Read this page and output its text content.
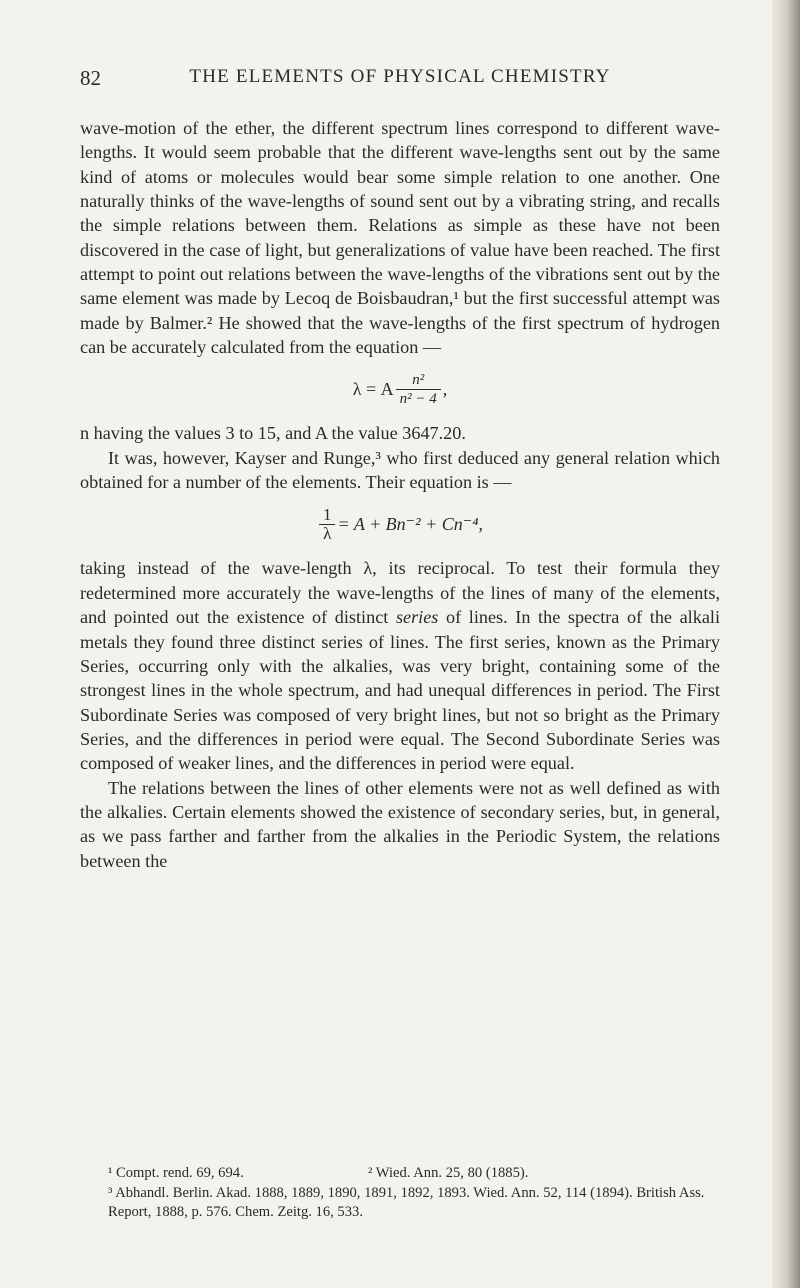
82	THE ELEMENTS OF PHYSICAL CHEMISTRY

wave-motion of the ether, the different spectrum lines correspond to different wave-lengths. It would seem probable that the different wave-lengths sent out by the same kind of atoms or molecules would bear some simple relation to one another. One naturally thinks of the wave-lengths of sound sent out by a vibrating string, and recalls the simple relations between them. Relations as simple as these have not been discovered in the case of light, but generalizations of value have been reached. The first attempt to point out relations between the wave-lengths of the vibrations sent out by the same element was made by Lecoq de Boisbaudran,¹ but the first successful attempt was made by Balmer.² He showed that the wave-lengths of the first spectrum of hydrogen can be accurately calculated from the equation —

λ = A $\frac{\text{n²}}{\text{n² − 4}}$ ,

n having the values 3 to 15, and A the value 3647.20.

It was, however, Kayser and Runge,³ who first deduced any general relation which obtained for a number of the elements. Their equation is —

$\frac{1}{\lambda} = A + Bn^{-2} + Cn^{-4}$,

taking instead of the wave-length λ, its reciprocal. To test their formula they redetermined more accurately the wave-lengths of the lines of many of the elements, and pointed out the existence of distinct series of lines. In the spectra of the alkali metals they found three distinct series of lines. The first series, known as the Primary Series, occurring only with the alkalies, was very bright, containing some of the strongest lines in the whole spectrum, and had unequal differences in period. The First Subordinate Series was composed of very bright lines, but not so bright as the Primary Series, and the differences in period were equal. The Second Subordinate Series was composed of weaker lines, and the differences in period were equal.

The relations between the lines of other elements were not as well defined as with the alkalies. Certain elements showed the existence of secondary series, but, in general, as we pass farther and farther from the alkalies in the Periodic System, the relations between the

¹ Compt. rend. 69, 694.	² Wied. Ann. 25, 80 (1885).

³ Abhandl. Berlin. Akad. 1888, 1889, 1890, 1891, 1892, 1893. Wied. Ann. 52, 114 (1894). British Ass. Report, 1888, p. 576. Chem. Zeitg. 16, 533.
